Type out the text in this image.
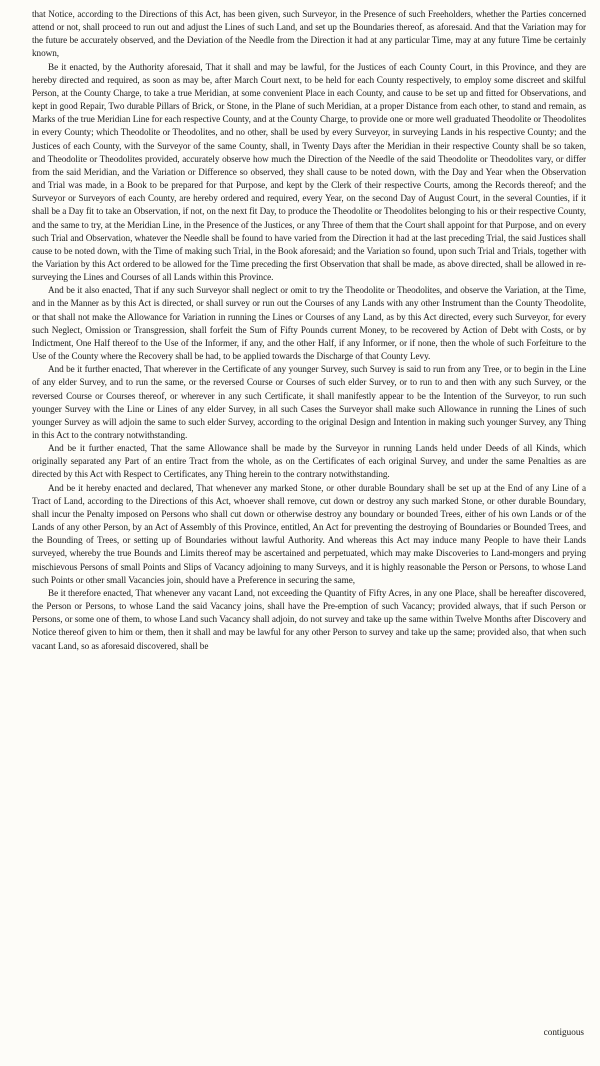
that Notice, according to the Directions of this Act, has been given, such Surveyor, in the Presence of such Freeholders, whether the Parties concerned attend or not, shall proceed to run out and adjust the Lines of such Land, and set up the Boundaries thereof, as aforesaid. And that the Variation may for the future be accurately observed, and the Deviation of the Needle from the Direction it had at any particular Time, may at any future Time be certainly known,

Be it enacted, by the Authority aforesaid, That it shall and may be lawful, for the Justices of each County Court, in this Province, and they are hereby directed and required, as soon as may be, after March Court next, to be held for each County respectively, to employ some discreet and skilful Person, at the County Charge, to take a true Meridian, at some convenient Place in each County, and cause to be set up and fitted for Observations, and kept in good Repair, Two durable Pillars of Brick, or Stone, in the Plane of such Meridian, at a proper Distance from each other, to stand and remain, as Marks of the true Meridian Line for each respective County, and at the County Charge, to provide one or more well graduated Theodolite or Theodolites in every County; which Theodolite or Theodolites, and no other, shall be used by every Surveyor, in surveying Lands in his respective County; and the Justices of each County, with the Surveyor of the same County, shall, in Twenty Days after the Meridian in their respective County shall be so taken, and Theodolite or Theodolites provided, accurately observe how much the Direction of the Needle of the said Theodolite or Theodolites vary, or differ from the said Meridian, and the Variation or Difference so observed, they shall cause to be noted down, with the Day and Year when the Observation and Trial was made, in a Book to be prepared for that Purpose, and kept by the Clerk of their respective Courts, among the Records thereof; and the Surveyor or Surveyors of each County, are hereby ordered and required, every Year, on the second Day of August Court, in the several Counties, if it shall be a Day fit to take an Observation, if not, on the next fit Day, to produce the Theodolite or Theodolites belonging to his or their respective County, and the same to try, at the Meridian Line, in the Presence of the Justices, or any Three of them that the Court shall appoint for that Purpose, and on every such Trial and Observation, whatever the Needle shall be found to have varied from the Direction it had at the last preceding Trial, the said Justices shall cause to be noted down, with the Time of making such Trial, in the Book aforesaid; and the Variation so found, upon such Trial and Trials, together with the Variation by this Act ordered to be allowed for the Time preceding the first Observation that shall be made, as above directed, shall be allowed in re-surveying the Lines and Courses of all Lands within this Province.

And be it also enacted, That if any such Surveyor shall neglect or omit to try the Theodolite or Theodolites, and observe the Variation, at the Time, and in the Manner as by this Act is directed, or shall survey or run out the Courses of any Lands with any other Instrument than the County Theodolite, or that shall not make the Allowance for Variation in running the Lines or Courses of any Land, as by this Act directed, every such Surveyor, for every such Neglect, Omission or Transgression, shall forfeit the Sum of Fifty Pounds current Money, to be recovered by Action of Debt with Costs, or by Indictment, One Half thereof to the Use of the Informer, if any, and the other Half, if any Informer, or if none, then the whole of such Forfeiture to the Use of the County where the Recovery shall be had, to be applied towards the Discharge of that County Levy.

And be it further enacted, That wherever in the Certificate of any younger Survey, such Survey is said to run from any Tree, or to begin in the Line of any elder Survey, and to run the same, or the reversed Course or Courses of such elder Survey, or to run to and then with any such Survey, or the reversed Course or Courses thereof, or wherever in any such Certificate, it shall manifestly appear to be the Intention of the Surveyor, to run such younger Survey with the Line or Lines of any elder Survey, in all such Cases the Surveyor shall make such Allowance in running the Lines of such younger Survey as will adjoin the same to such elder Survey, according to the original Design and Intention in making such younger Survey, any Thing in this Act to the contrary notwithstanding.

And be it further enacted, That the same Allowance shall be made by the Surveyor in running Lands held under Deeds of all Kinds, which originally separated any Part of an entire Tract from the whole, as on the Certificates of each original Survey, and under the same Penalties as are directed by this Act with Respect to Certificates, any Thing herein to the contrary notwithstanding.

And be it hereby enacted and declared, That whenever any marked Stone, or other durable Boundary shall be set up at the End of any Line of a Tract of Land, according to the Directions of this Act, whoever shall remove, cut down or destroy any such marked Stone, or other durable Boundary, shall incur the Penalty imposed on Persons who shall cut down or otherwise destroy any boundary or bounded Trees, either of his own Lands or of the Lands of any other Person, by an Act of Assembly of this Province, entitled, An Act for preventing the destroying of Boundaries or Bounded Trees, and the Bounding of Trees, or setting up of Boundaries without lawful Authority. And whereas this Act may induce many People to have their Lands surveyed, whereby the true Bounds and Limits thereof may be ascertained and perpetuated, which may make Discoveries to Land-mongers and prying mischievous Persons of small Points and Slips of Vacancy adjoining to many Surveys, and it is highly reasonable the Person or Persons, to whose Land such Points or other small Vacancies join, should have a Preference in securing the same,

Be it therefore enacted, That whenever any vacant Land, not exceeding the Quantity of Fifty Acres, in any one Place, shall be hereafter discovered, the Person or Persons, to whose Land the said Vacancy joins, shall have the Pre-emption of such Vacancy; provided always, that if such Person or Persons, or some one of them, to whose Land such Vacancy shall adjoin, do not survey and take up the same within Twelve Months after Discovery and Notice thereof given to him or them, then it shall and may be lawful for any other Person to survey and take up the same; provided also, that when such vacant Land, so as aforesaid discovered, shall be

contiguous
